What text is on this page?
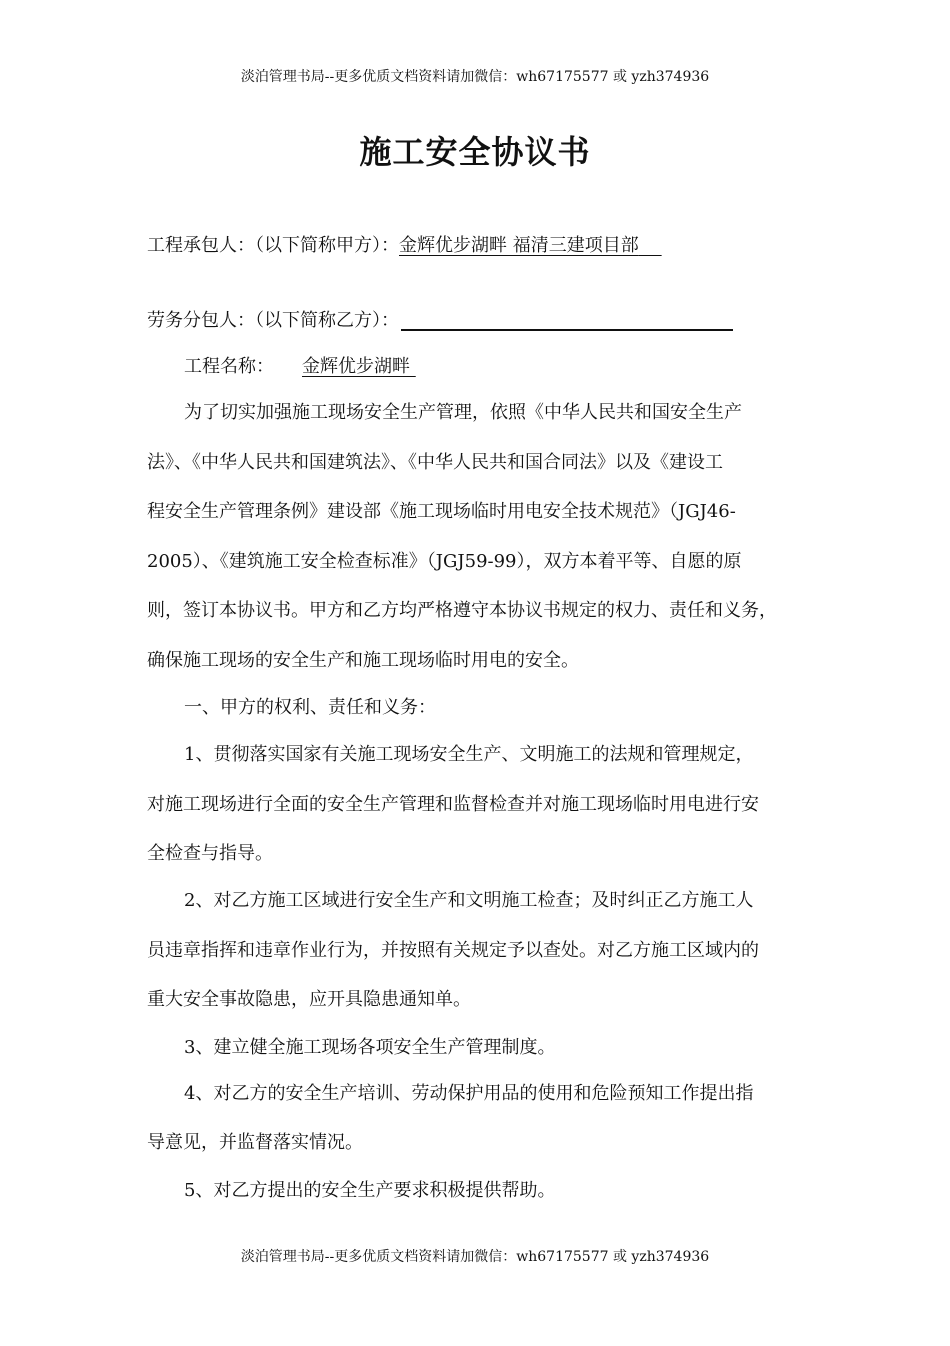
淡泊管理书局--更多优质文档资料请加微信：wh67175577 或 yzh374936
施工安全协议书
工程承包人：（以下简称甲方）：金辉优步湖畔 福清三建项目部
劳务分包人：（以下简称乙方）：
工程名称： 金辉优步湖畔
为了切实加强施工现场安全生产管理，依照《中华人民共和国安全生产
法》、《中华人民共和国建筑法》、《中华人民共和国合同法》以及《建设工
程安全生产管理条例》建设部《施工现场临时用电安全技术规范》（JGJ46-
2005）、《建筑施工安全检查标准》（JGJ59-99），双方本着平等、自愿的原
则，签订本协议书。甲方和乙方均严格遵守本协议书规定的权力、责任和义务，
确保施工现场的安全生产和施工现场临时用电的安全。
一、甲方的权利、责任和义务：
1、贯彻落实国家有关施工现场安全生产、文明施工的法规和管理规定，
对施工现场进行全面的安全生产管理和监督检查并对施工现场临时用电进行安
全检查与指导。
2、对乙方施工区域进行安全生产和文明施工检查；及时纠正乙方施工人
员违章指挥和违章作业行为，并按照有关规定予以查处。对乙方施工区域内的
重大安全事故隐患，应开具隐患通知单。
3、建立健全施工现场各项安全生产管理制度。
4、对乙方的安全生产培训、劳动保护用品的使用和危险预知工作提出指
导意见，并监督落实情况。
5、对乙方提出的安全生产要求积极提供帮助。
淡泊管理书局--更多优质文档资料请加微信：wh67175577 或 yzh374936
